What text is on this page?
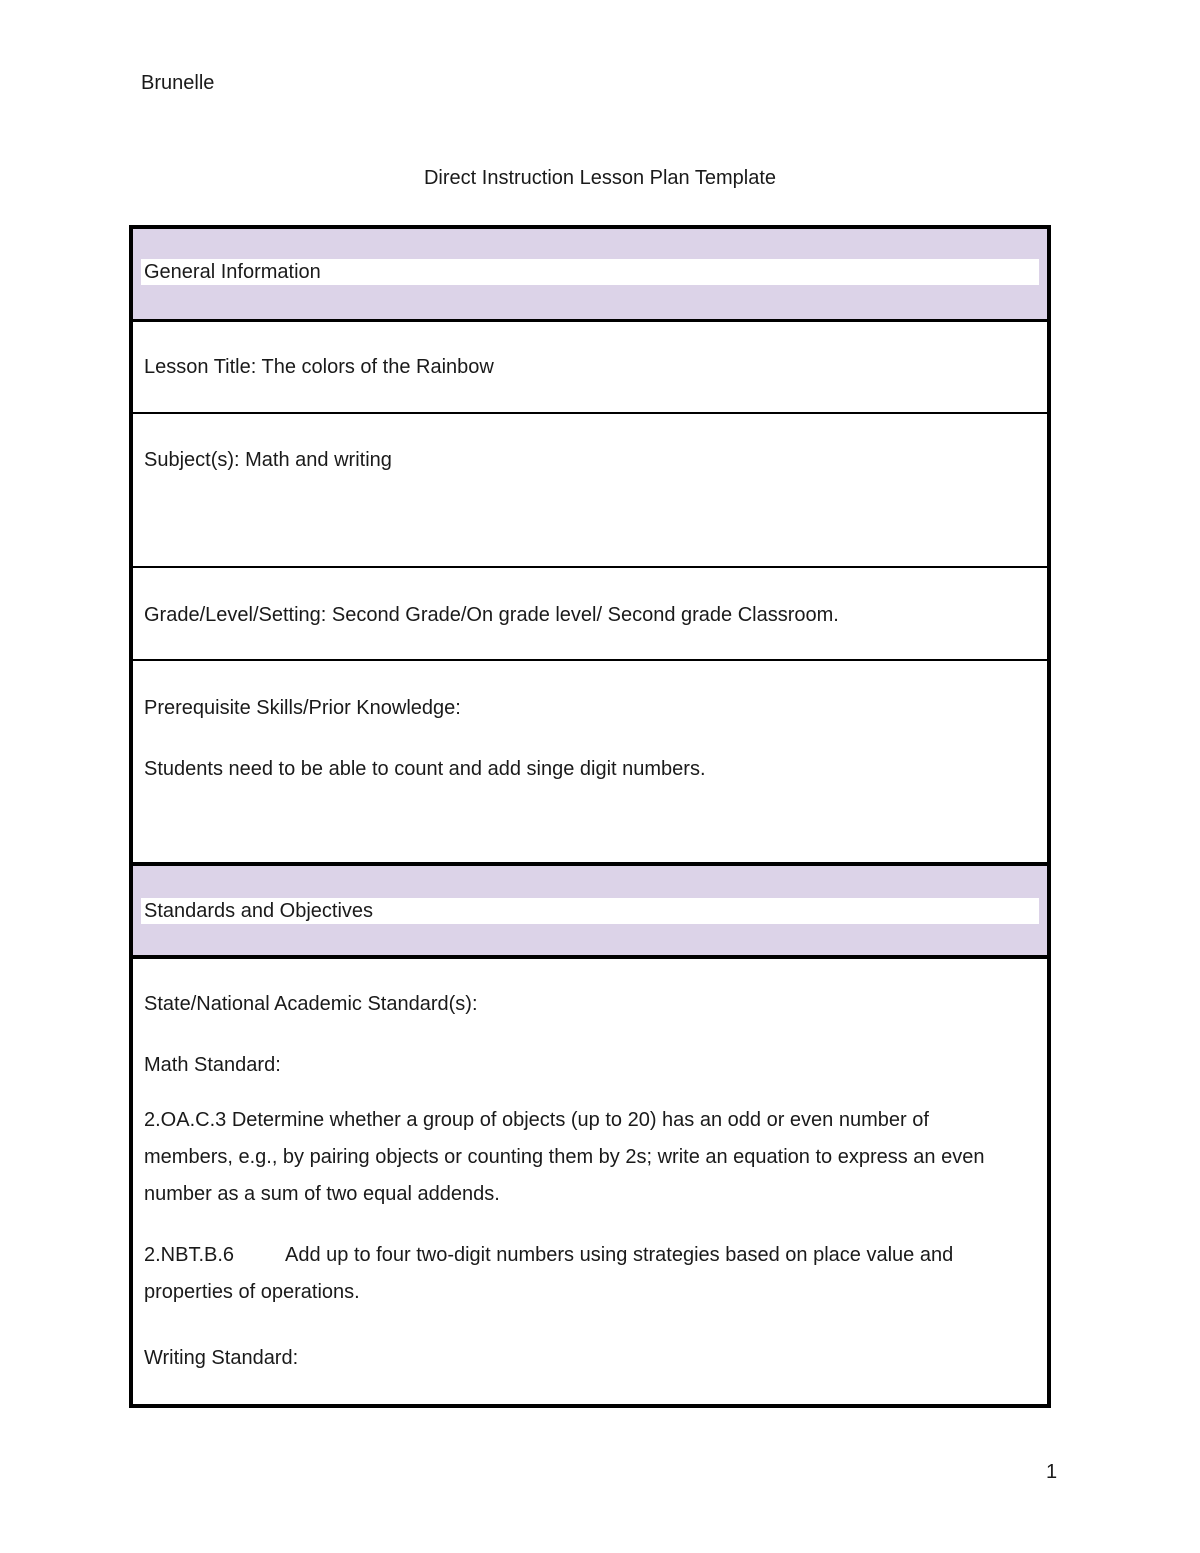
Brunelle
Direct Instruction Lesson Plan Template
General Information
Lesson Title: The colors of the Rainbow
Subject(s): Math and writing
Grade/Level/Setting: Second Grade/On grade level/ Second grade Classroom.
Prerequisite Skills/Prior Knowledge:
Students need to be able to count and add singe digit numbers.
Standards and Objectives
State/National Academic Standard(s):
Math Standard:
2.OA.C.3 Determine whether a group of objects (up to 20) has an odd or even number of members, e.g., by pairing objects or counting them by 2s; write an equation to express an even number as a sum of two equal addends.
2.NBT.B.6	Add up to four two-digit numbers using strategies based on place value and properties of operations.
Writing Standard:
1
